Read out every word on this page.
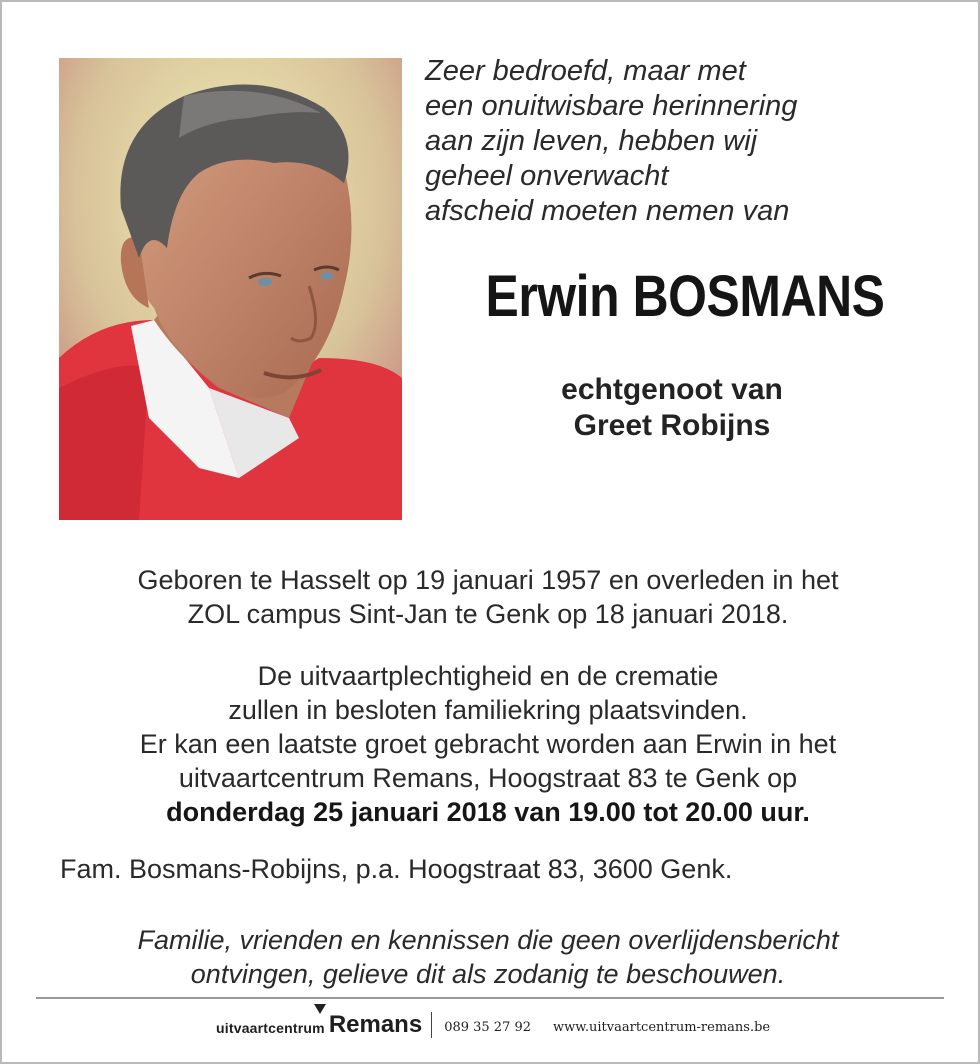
Zeer bedroefd, maar met
een onuitwisbare herinnering
aan zijn leven, hebben wij
geheel onverwacht
afscheid moeten nemen van
Erwin BOSMANS
echtgenoot van
Greet Robijns
Geboren te Hasselt op 19 januari 1957 en overleden in het
ZOL campus Sint-Jan te Genk op 18 januari 2018.
De uitvaartplechtigheid en de crematie
zullen in besloten familiekring plaatsvinden.
Er kan een laatste groet gebracht worden aan Erwin in het
uitvaartcentrum Remans, Hoogstraat 83 te Genk op
donderdag 25 januari 2018 van 19.00 tot 20.00 uur.
Fam. Bosmans-Robijns, p.a. Hoogstraat 83, 3600 Genk.
Familie, vrienden en kennissen die geen overlijdensbericht
ontvingen, gelieve dit als zodanig te beschouwen.
uitvaartcentrum Remans 089 35 27 92 www.uitvaartcentrum-remans.be
